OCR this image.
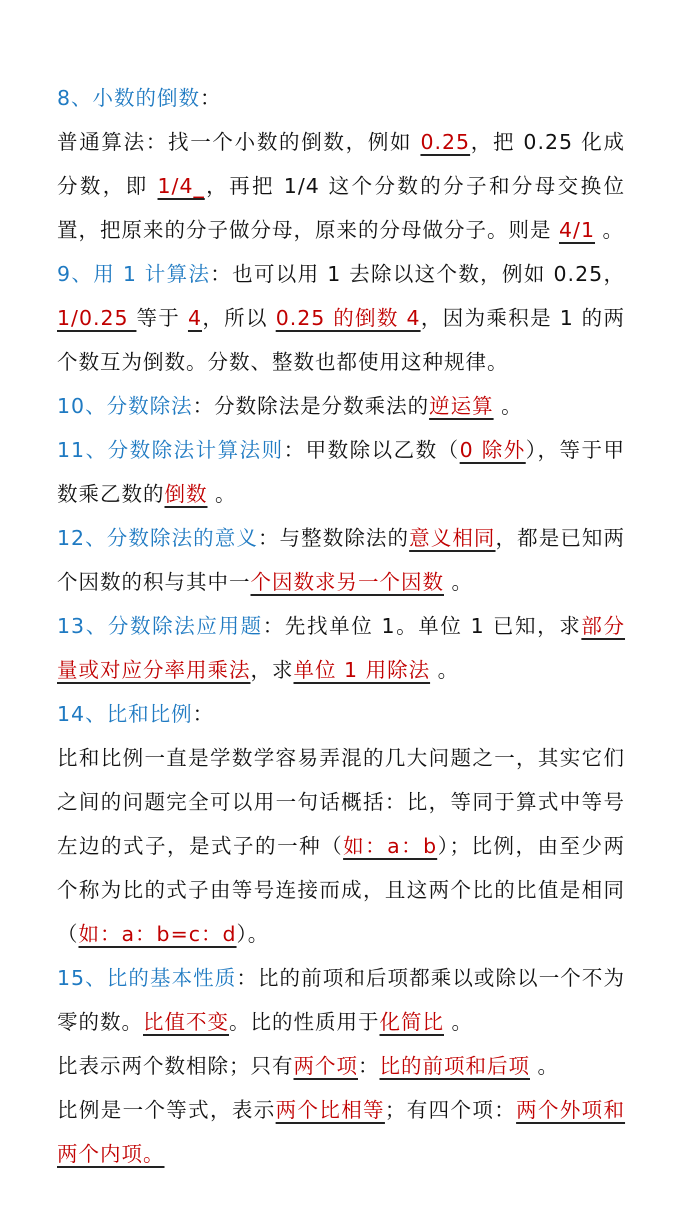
8、小数的倒数：

普通算法：找一个小数的倒数，例如 0.25，把 0.25 化成分数，即 1/4_，再把 1/4 这个分数的分子和分母交换位置，把原来的分子做分母，原来的分母做分子。则是 4/1 。

9、用 1 计算法：也可以用 1 去除以这个数，例如 0.25，1/0.25 等于 4，所以 0.25 的倒数 4，因为乘积是 1 的两个数互为倒数。分数、整数也都使用这种规律。

10、分数除法：分数除法是分数乘法的逆运算 。

11、分数除法计算法则：甲数除以乙数（0 除外），等于甲数乘乙数的倒数 。

12、分数除法的意义：与整数除法的意义相同，都是已知两个因数的积与其中一个因数求另一个因数 。

13、分数除法应用题：先找单位 1。单位 1 已知，求部分量或对应分率用乘法，求单位 1 用除法 。

14、比和比例：

比和比例一直是学数学容易弄混的几大问题之一，其实它们之间的问题完全可以用一句话概括：比，等同于算式中等号左边的式子，是式子的一种（如：a：b）；比例，由至少两个称为比的式子由等号连接而成，且这两个比的比值是相同（如：a：b=c：d）。

15、比的基本性质：比的前项和后项都乘以或除以一个不为零的数。比值不变。比的性质用于化简比 。

比表示两个数相除；只有两个项：比的前项和后项 。

比例是一个等式，表示两个比相等；有四个项：两个外项和两个内项。
